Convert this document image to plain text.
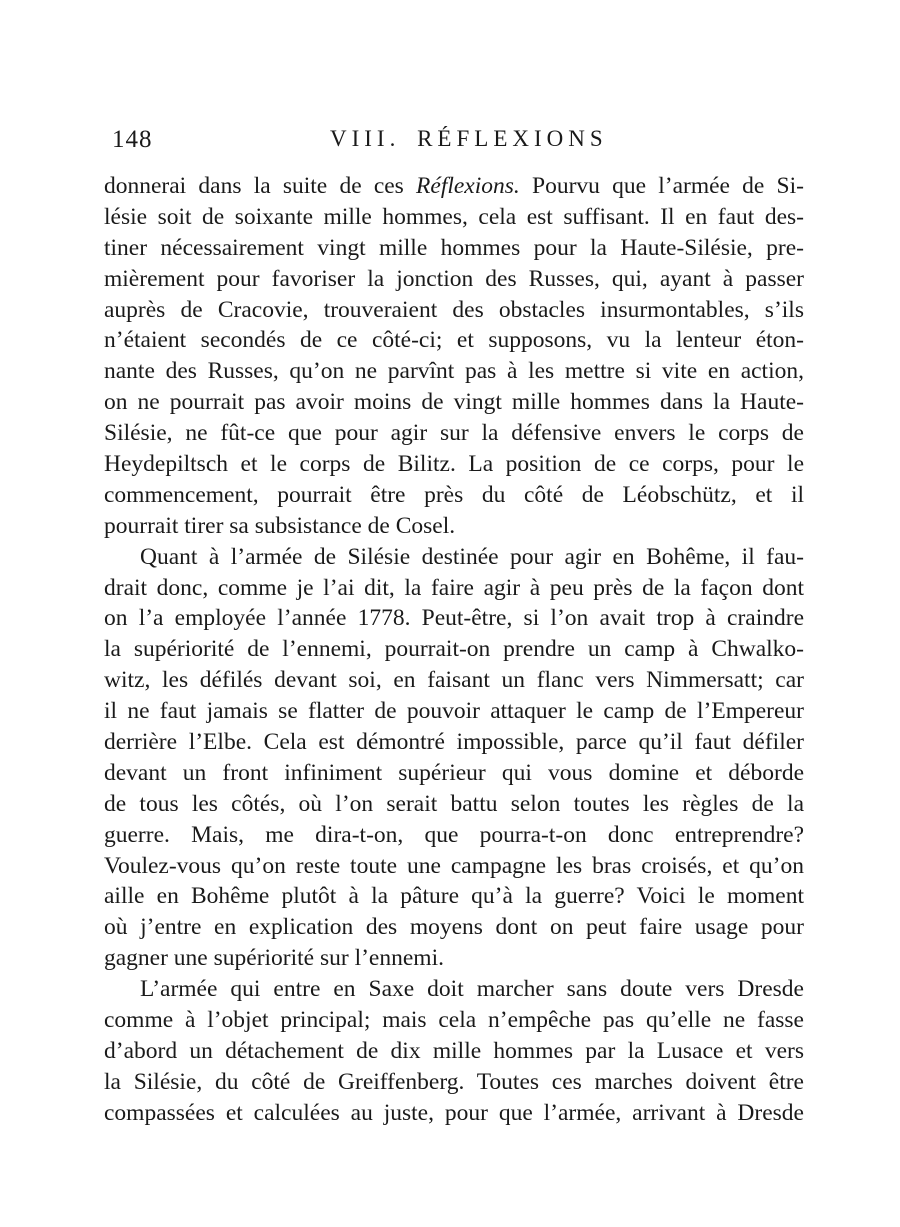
148	VIII. RÉFLEXIONS
donnerai dans la suite de ces Réflexions. Pourvu que l’armée de Si-
lésie soit de soixante mille hommes, cela est suffisant. Il en faut des-
tiner nécessairement vingt mille hommes pour la Haute-Silésie, pre-
mièrement pour favoriser la jonction des Russes, qui, ayant à passer
auprès de Cracovie, trouveraient des obstacles insurmontables, s’ils
n’étaient secondés de ce côté-ci; et supposons, vu la lenteur éton-
nante des Russes, qu’on ne parvînt pas à les mettre si vite en action,
on ne pourrait pas avoir moins de vingt mille hommes dans la Haute-
Silésie, ne fût-ce que pour agir sur la défensive envers le corps de
Heydepiltsch et le corps de Bilitz. La position de ce corps, pour le
commencement, pourrait être près du côté de Léobschütz, et il
pourrait tirer sa subsistance de Cosel.
Quant à l’armée de Silésie destinée pour agir en Bohême, il fau-
drait donc, comme je l’ai dit, la faire agir à peu près de la façon dont
on l’a employée l’année 1778. Peut-être, si l’on avait trop à craindre
la supériorité de l’ennemi, pourrait-on prendre un camp à Chwalko-
witz, les défilés devant soi, en faisant un flanc vers Nimmersatt; car
il ne faut jamais se flatter de pouvoir attaquer le camp de l’Empereur
derrière l’Elbe. Cela est démontré impossible, parce qu’il faut défiler
devant un front infiniment supérieur qui vous domine et déborde
de tous les côtés, où l’on serait battu selon toutes les règles de la
guerre. Mais, me dira-t-on, que pourra-t-on donc entreprendre?
Voulez-vous qu’on reste toute une campagne les bras croisés, et qu’on
aille en Bohême plutôt à la pâture qu’à la guerre? Voici le moment
où j’entre en explication des moyens dont on peut faire usage pour
gagner une supériorité sur l’ennemi.
L’armée qui entre en Saxe doit marcher sans doute vers Dresde
comme à l’objet principal; mais cela n’empêche pas qu’elle ne fasse
d’abord un détachement de dix mille hommes par la Lusace et vers
la Silésie, du côté de Greiffenberg. Toutes ces marches doivent être
compassées et calculées au juste, pour que l’armée, arrivant à Dresde
